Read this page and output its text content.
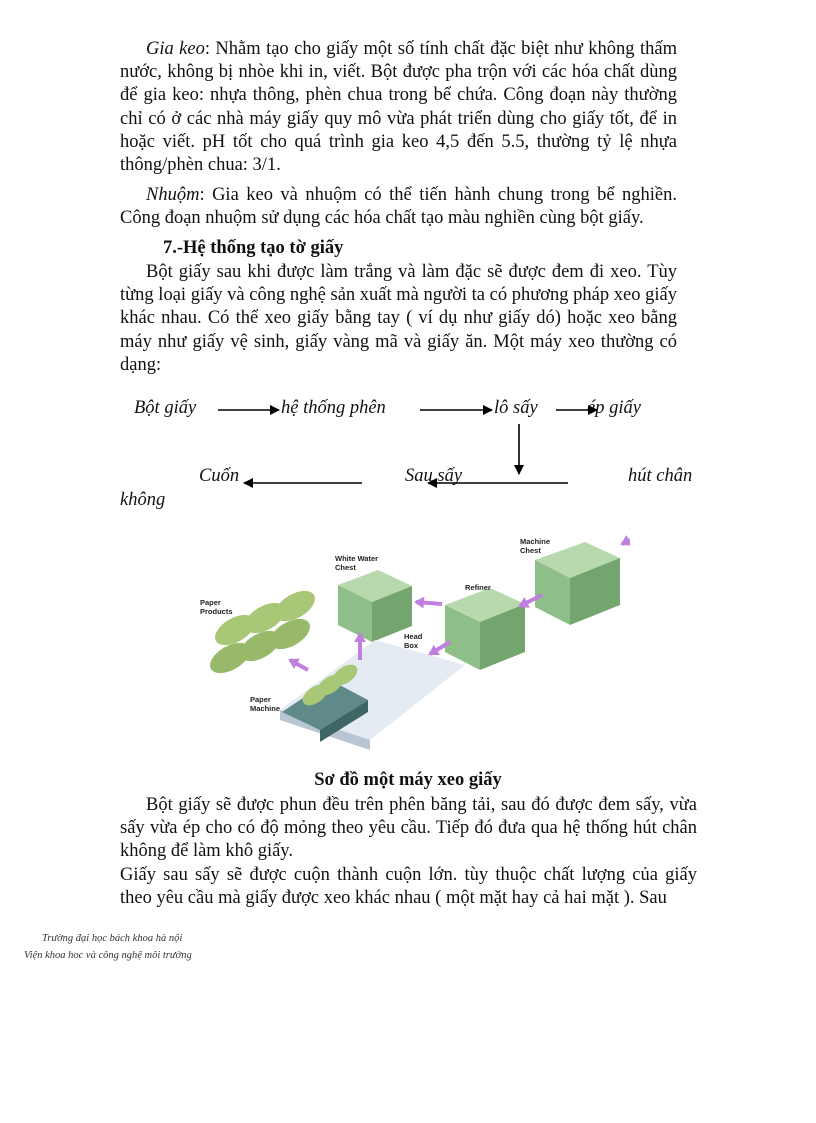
Gia keo: Nhằm tạo cho giấy một số tính chất đặc biệt như không thấm nước, không bị nhòe khi in, viết. Bột được pha trộn với các hóa chất dùng để gia keo: nhựa thông, phèn chua trong bể chứa. Công đoạn này thường chỉ có ở các nhà máy giấy quy mô vừa phát triển dùng cho giấy tốt, để in hoặc viết. pH tốt cho quá trình gia keo 4,5 đến 5.5, thường tỷ lệ nhựa thông/phèn chua: 3/1.

Nhuộm: Gia keo và nhuộm có thể tiến hành chung trong bể nghiền. Công đoạn nhuộm sử dụng các hóa chất tạo màu nghiền cùng bột giấy.

7.-Hệ thống tạo tờ giấy

Bột giấy sau khi được làm trắng và làm đặc sẽ được đem đi xeo. Tùy từng loại giấy và công nghệ sản xuất mà người ta có phương pháp xeo giấy khác nhau. Có thể xeo giấy bằng tay ( ví dụ như giấy dó) hoặc xeo bằng máy như giấy vệ sinh, giấy vàng mã và giấy ăn. Một máy xeo thường có dạng:

Bột giấy	hệ thống phên	lô sấy	ép giấy
hút chân
không
Sau sấy
Cuốn
Machine Chest
White Water Chest
Refiner
Head Box
Paper Products
Paper Machine
Sơ đồ một máy xeo giấy

Bột giấy sẽ được phun đều trên phên băng tải, sau đó được đem sấy, vừa sấy vừa ép cho có độ mỏng theo yêu cầu. Tiếp đó đưa qua hệ thống hút chân không để làm khô giấy.

Giấy sau sấy sẽ được cuộn thành cuộn lớn. tùy thuộc chất lượng của giấy theo yêu cầu mà giấy được xeo khác nhau ( một mặt hay cả hai mặt ). Sau

Trường đại học bách khoa hà nội
Viện khoa hoc và công nghệ môi trường
